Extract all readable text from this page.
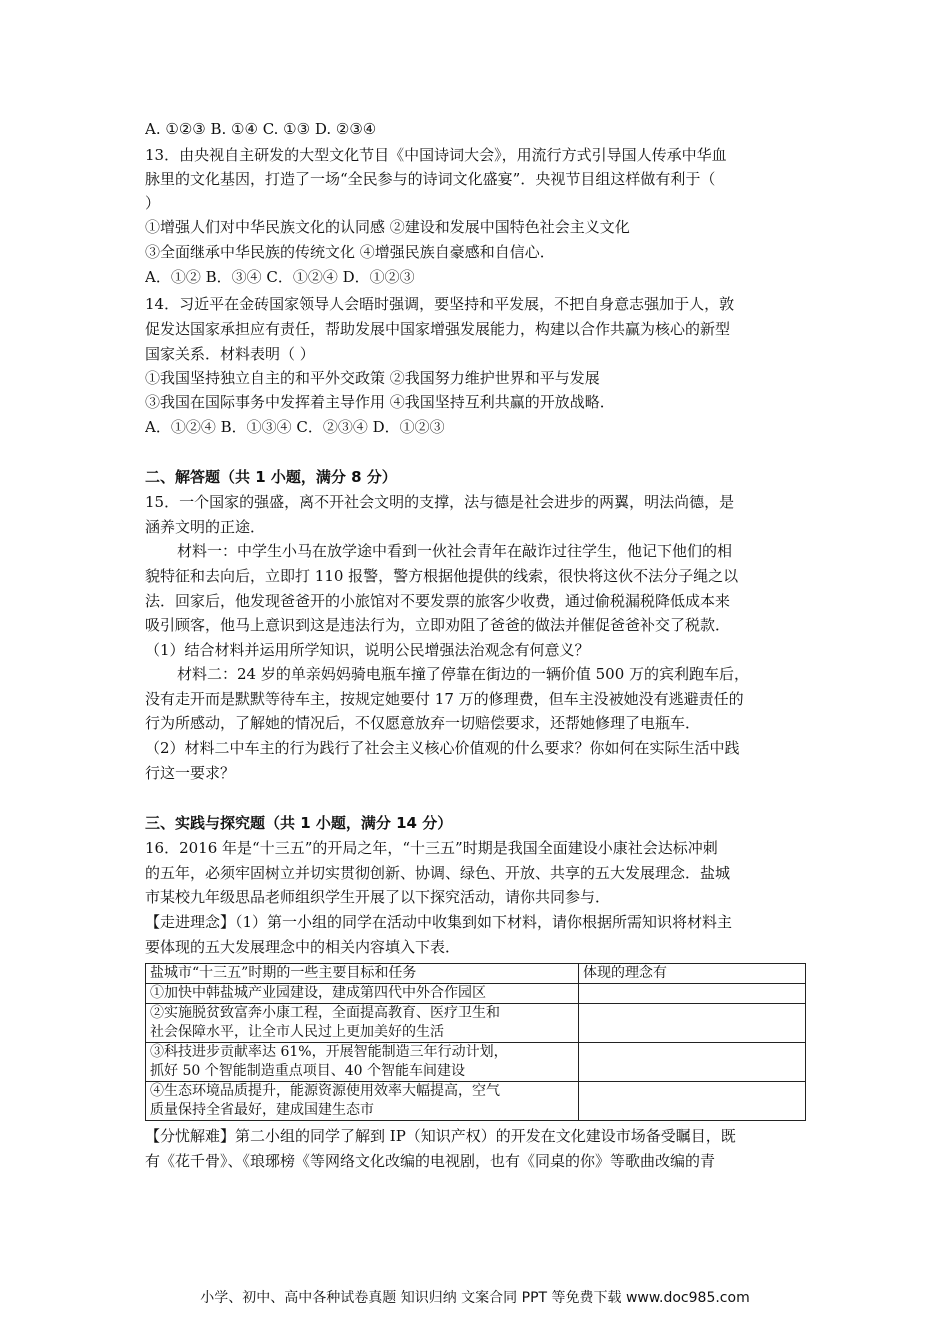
A. ①②③ B. ①④ C. ①③ D. ②③④
13．由央视自主研发的大型文化节目《中国诗词大会》，用流行方式引导国人传承中华血
脉里的文化基因，打造了一场“全民参与的诗词文化盛宴”．央视节目组这样做有利于（
）
①增强人们对中华民族文化的认同感 ②建设和发展中国特色社会主义文化
③全面继承中华民族的传统文化 ④增强民族自豪感和自信心．
A．①② B．③④ C．①②④ D．①②③
14．习近平在金砖国家领导人会晤时强调，要坚持和平发展，不把自身意志强加于人，敦
促发达国家承担应有责任，帮助发展中国家增强发展能力，构建以合作共赢为核心的新型
国家关系．材料表明（ ）
①我国坚持独立自主的和平外交政策 ②我国努力维护世界和平与发展
③我国在国际事务中发挥着主导作用 ④我国坚持互利共赢的开放战略．
A．①②④ B．①③④ C．②③④ D．①②③
二、解答题（共 1 小题，满分 8 分）
15．一个国家的强盛，离不开社会文明的支撑，法与德是社会进步的两翼，明法尚德，是
涵养文明的正途．
材料一：中学生小马在放学途中看到一伙社会青年在敲诈过往学生，他记下他们的相
貌特征和去向后，立即打 110 报警，警方根据他提供的线索，很快将这伙不法分子绳之以
法．回家后，他发现爸爸开的小旅馆对不要发票的旅客少收费，通过偷税漏税降低成本来
吸引顾客，他马上意识到这是违法行为，立即劝阻了爸爸的做法并催促爸爸补交了税款．
（1）结合材料并运用所学知识，说明公民增强法治观念有何意义？
材料二：24 岁的单亲妈妈骑电瓶车撞了停靠在街边的一辆价值 500 万的宾利跑车后，
没有走开而是默默等待车主，按规定她要付 17 万的修理费，但车主没被她没有逃避责任的
行为所感动，了解她的情况后，不仅愿意放弃一切赔偿要求，还帮她修理了电瓶车．
（2）材料二中车主的行为践行了社会主义核心价值观的什么要求？你如何在实际生活中践
行这一要求？
三、实践与探究题（共 1 小题，满分 14 分）
16．2016 年是“十三五”的开局之年，“十三五”时期是我国全面建设小康社会达标冲刺
的五年，必须牢固树立并切实贯彻创新、协调、绿色、开放、共享的五大发展理念．盐城
市某校九年级思品老师组织学生开展了以下探究活动，请你共同参与．
【走进理念】（1）第一小组的同学在活动中收集到如下材料，请你根据所需知识将材料主
要体现的五大发展理念中的相关内容填入下表．
盐城市“十三五”时期的一些主要目标和任务	体现的理念有

①加快中韩盐城产业园建设，建成第四代中外合作园区	

②实施脱贫致富奔小康工程，全面提高教育、医疗卫生和
社会保障水平，让全市人民过上更加美好的生活	

③科技进步贡献率达 61%，开展智能制造三年行动计划，
抓好 50 个智能制造重点项目、40 个智能车间建设	

④生态环境品质提升，能源资源使用效率大幅提高，空气
质量保持全省最好，建成国建生态市	

【分忧解难】第二小组的同学了解到 IP（知识产权）的开发在文化建设市场备受瞩目，既
有《花千骨》、《琅琊榜《等网络文化改编的电视剧，也有《同桌的你》等歌曲改编的青
小学、初中、高中各种试卷真题 知识归纳 文案合同 PPT 等免费下载 www.doc985.com
